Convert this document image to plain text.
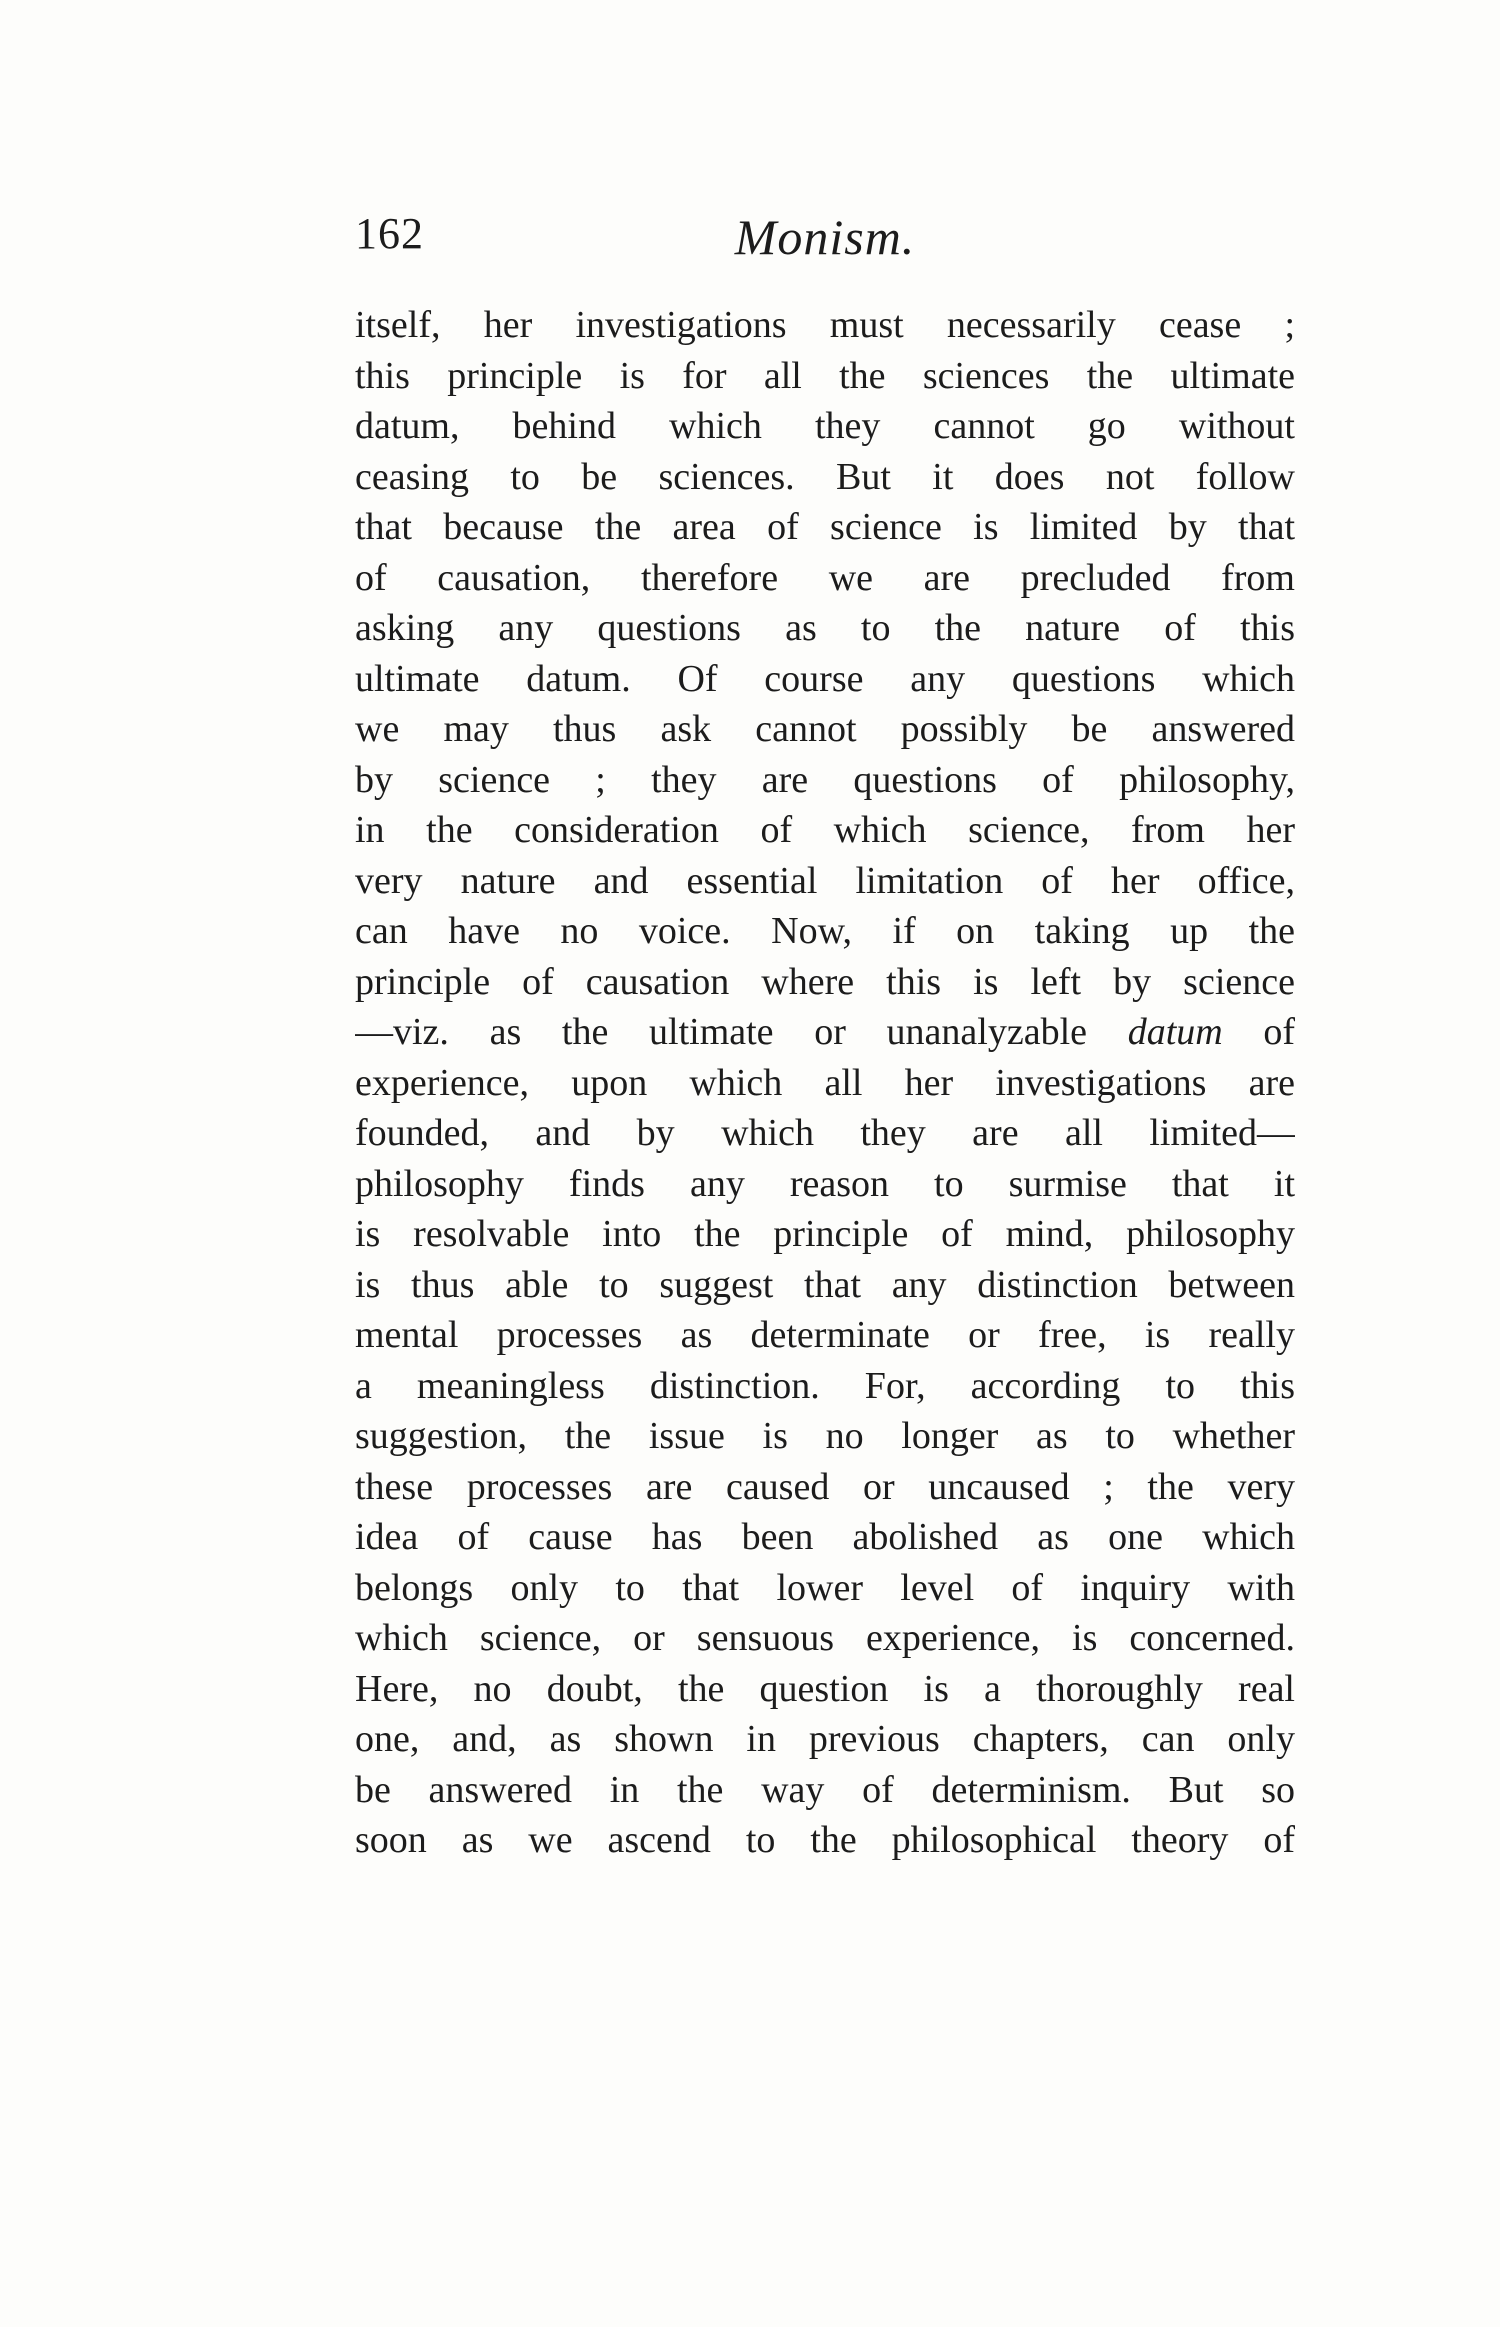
162	Monism.
itself, her investigations must necessarily cease ;
this principle is for all the sciences the ultimate
datum, behind which they cannot go without
ceasing to be sciences. But it does not follow
that because the area of science is limited by that
of causation, therefore we are precluded from
asking any questions as to the nature of this
ultimate datum. Of course any questions which
we may thus ask cannot possibly be answered
by science ; they are questions of philosophy,
in the consideration of which science, from her
very nature and essential limitation of her office,
can have no voice. Now, if on taking up the
principle of causation where this is left by science
—viz. as the ultimate or unanalyzable datum of
experience, upon which all her investigations are
founded, and by which they are all limited—
philosophy finds any reason to surmise that it
is resolvable into the principle of mind, philosophy
is thus able to suggest that any distinction between
mental processes as determinate or free, is really
a meaningless distinction. For, according to this
suggestion, the issue is no longer as to whether
these processes are caused or uncaused ; the very
idea of cause has been abolished as one which
belongs only to that lower level of inquiry with
which science, or sensuous experience, is concerned.
Here, no doubt, the question is a thoroughly real
one, and, as shown in previous chapters, can only
be answered in the way of determinism. But so
soon as we ascend to the philosophical theory of
